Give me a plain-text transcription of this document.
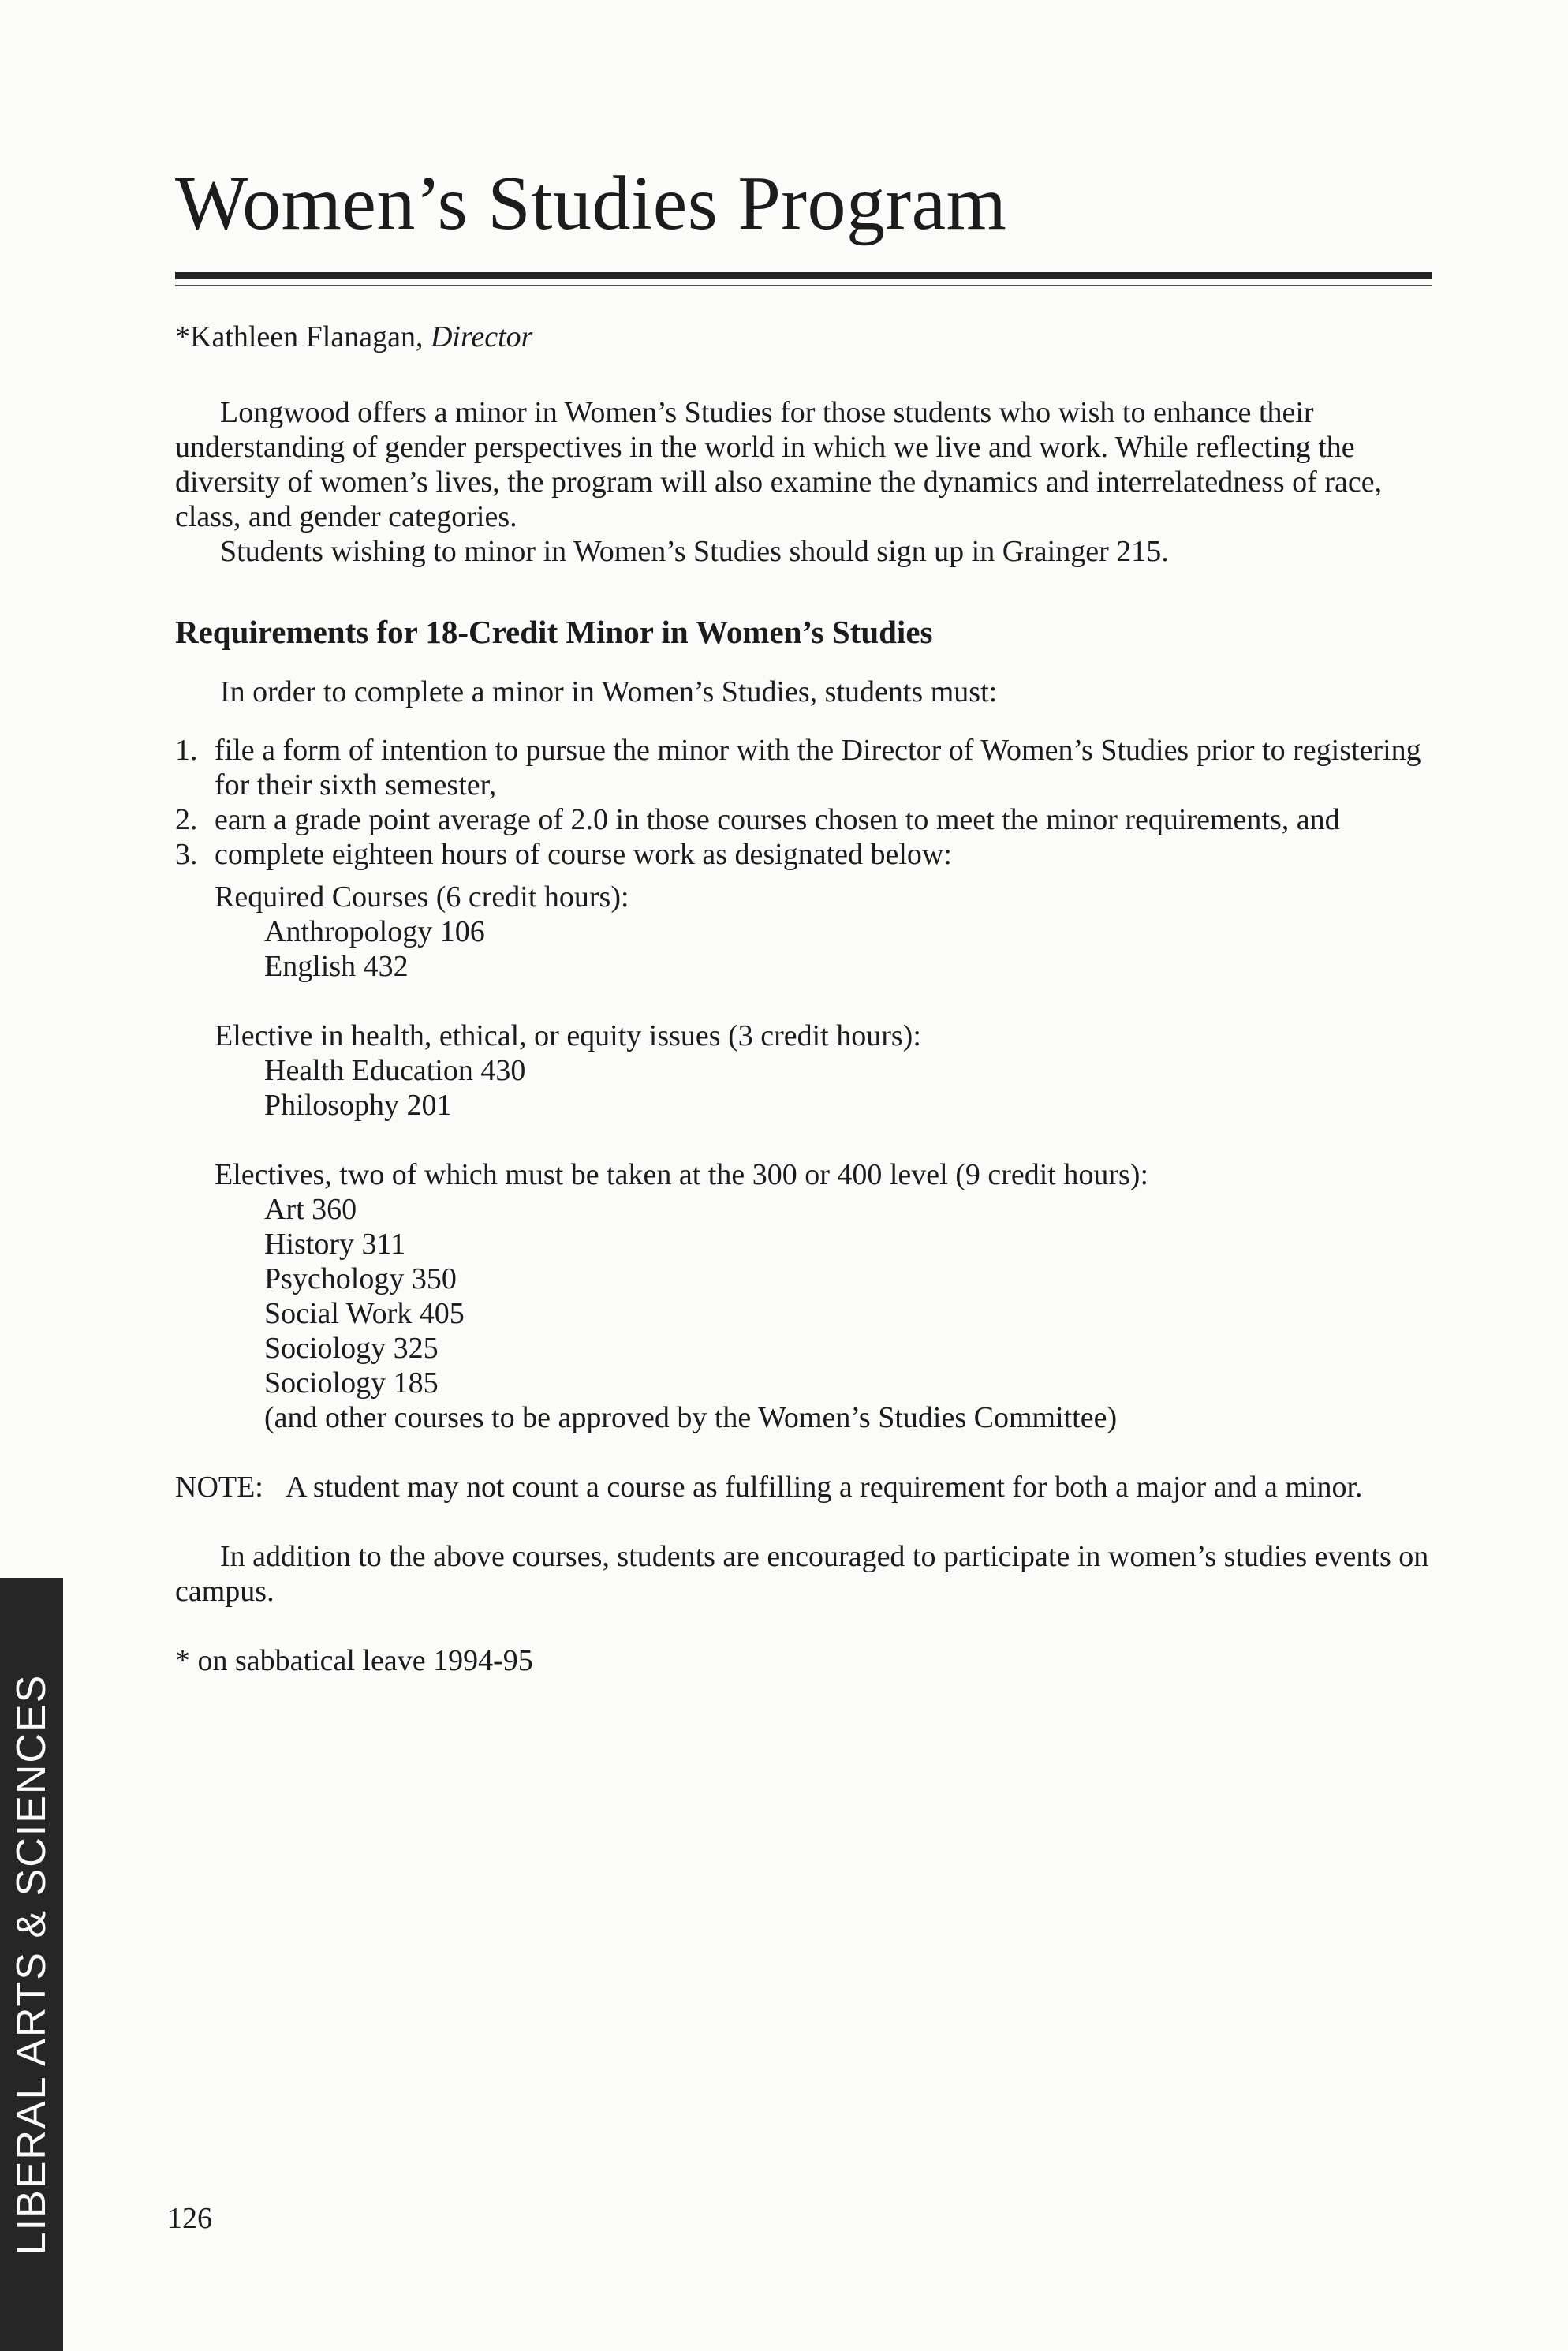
Women’s Studies Program

*Kathleen Flanagan, Director

Longwood offers a minor in Women’s Studies for those students who wish to enhance their understanding of gender perspectives in the world in which we live and work. While reflecting the diversity of women’s lives, the program will also examine the dynamics and interrelatedness of race, class, and gender categories.

Students wishing to minor in Women’s Studies should sign up in Grainger 215.

Requirements for 18-Credit Minor in Women’s Studies

In order to complete a minor in Women’s Studies, students must:

1. file a form of intention to pursue the minor with the Director of Women’s Studies prior to registering for their sixth semester,
2. earn a grade point average of 2.0 in those courses chosen to meet the minor requirements, and
3. complete eighteen hours of course work as designated below:

Required Courses (6 credit hours):

Anthropology 106
English 432

Elective in health, ethical, or equity issues (3 credit hours):

Health Education 430
Philosophy 201

Electives, two of which must be taken at the 300 or 400 level (9 credit hours):

Art 360
History 311
Psychology 350
Social Work 405
Sociology 325
Sociology 185
(and other courses to be approved by the Women’s Studies Committee)
NOTE: A student may not count a course as fulfilling a requirement for both a major and a minor.

In addition to the above courses, students are encouraged to participate in women’s studies events on campus.

* on sabbatical leave 1994-95

LIBERAL ARTS & SCIENCES	126
